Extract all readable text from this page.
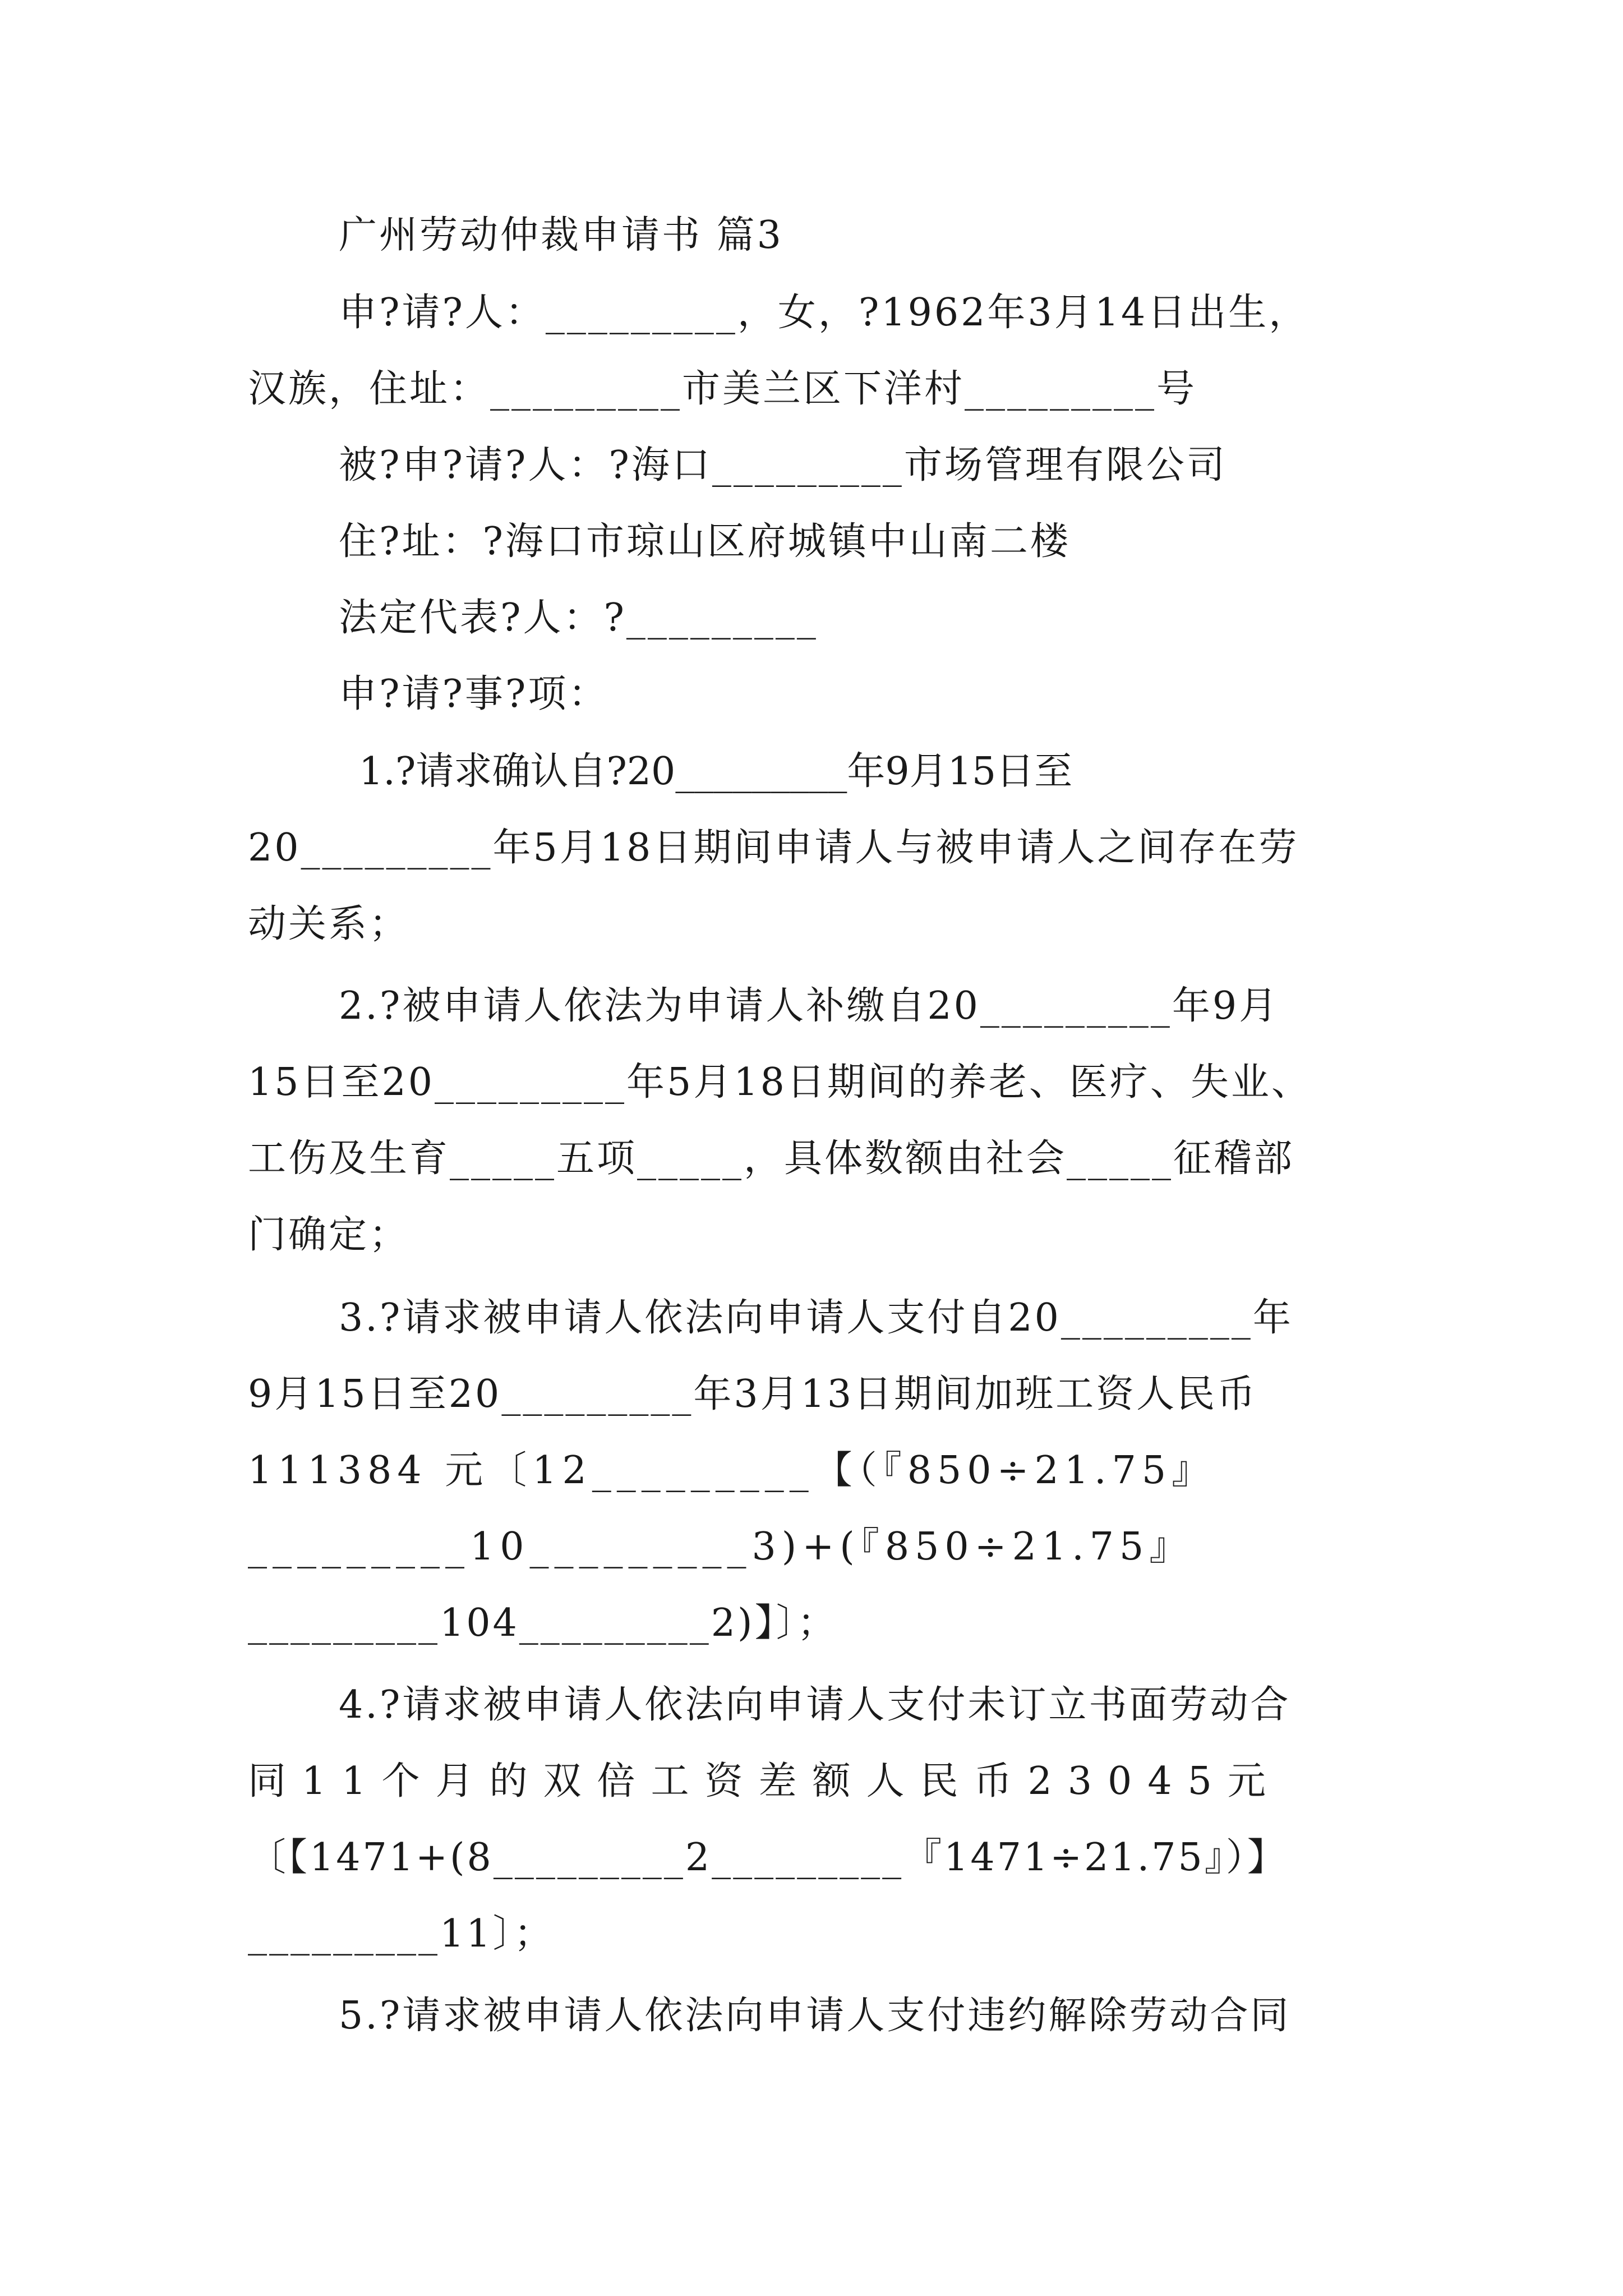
广州劳动仲裁申请书 篇3
申?请?人：_________，女，?1962年3月14日出生，
汉族，住址：_________市美兰区下洋村_________号
被?申?请?人：?海口_________市场管理有限公司
住?址：?海口市琼山区府城镇中山南二楼
法定代表?人：?_________
申?请?事?项：
1.?请求确认自?20_________年9月15日至
20_________年5月18日期间申请人与被申请人之间存在劳
动关系；
2.?被申请人依法为申请人补缴自20_________年9月
15日至20_________年5月18日期间的养老、医疗、失业、
工伤及生育_____五项_____，具体数额由社会_____征稽部
门确定；
3.?请求被申请人依法向申请人支付自20_________年
9月15日至20_________年3月13日期间加班工资人民币
111384 元〔12_________【（『850÷21.75』
_________10_________3)+(『850÷21.75』
_________104_________2)】〕；
4.?请求被申请人依法向申请人支付未订立书面劳动合
同11个月的双倍工资差额人民币23045元
〔【1471+(8_________2_________『1471÷21.75』）】
_________11〕；
5.?请求被申请人依法向申请人支付违约解除劳动合同
